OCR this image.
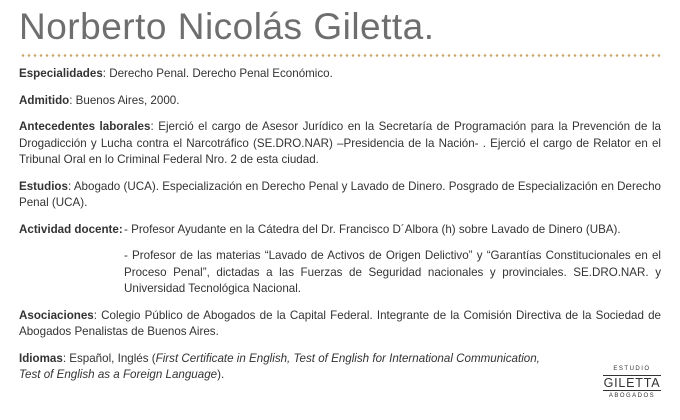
Norberto Nicolás Giletta.

Especialidades: Derecho Penal. Derecho Penal Económico.

Admitido: Buenos Aires, 2000.

Antecedentes laborales: Ejerció el cargo de Asesor Jurídico en la Secretaría de Programación para la Prevención de la Drogadicción y Lucha contra el Narcotráfico (SE.DRO.NAR) –Presidencia de la Nación- . Ejerció el cargo de Relator en el Tribunal Oral en lo Criminal Federal Nro. 2 de esta ciudad.

Estudios: Abogado (UCA). Especialización en Derecho Penal y Lavado de Dinero. Posgrado de Especialización en Derecho Penal (UCA).

Actividad docente: - Profesor Ayudante en la Cátedra del Dr. Francisco D´Albora (h) sobre Lavado de Dinero (UBA).
- Profesor de las materias “Lavado de Activos de Origen Delictivo” y “Garantías Constitucionales en el Proceso Penal”, dictadas a las Fuerzas de Seguridad nacionales y provinciales. SE.DRO.NAR. y Universidad Tecnológica Nacional.

Asociaciones: Colegio Público de Abogados de la Capital Federal. Integrante de la Comisión Directiva de la Sociedad de Abogados Penalistas de Buenos Aires.

Idiomas: Español, Inglés (First Certificate in English, Test of English for International Communication, Test of English as a Foreign Language).	ESTUDIO
GILETTA
ABOGADOS
